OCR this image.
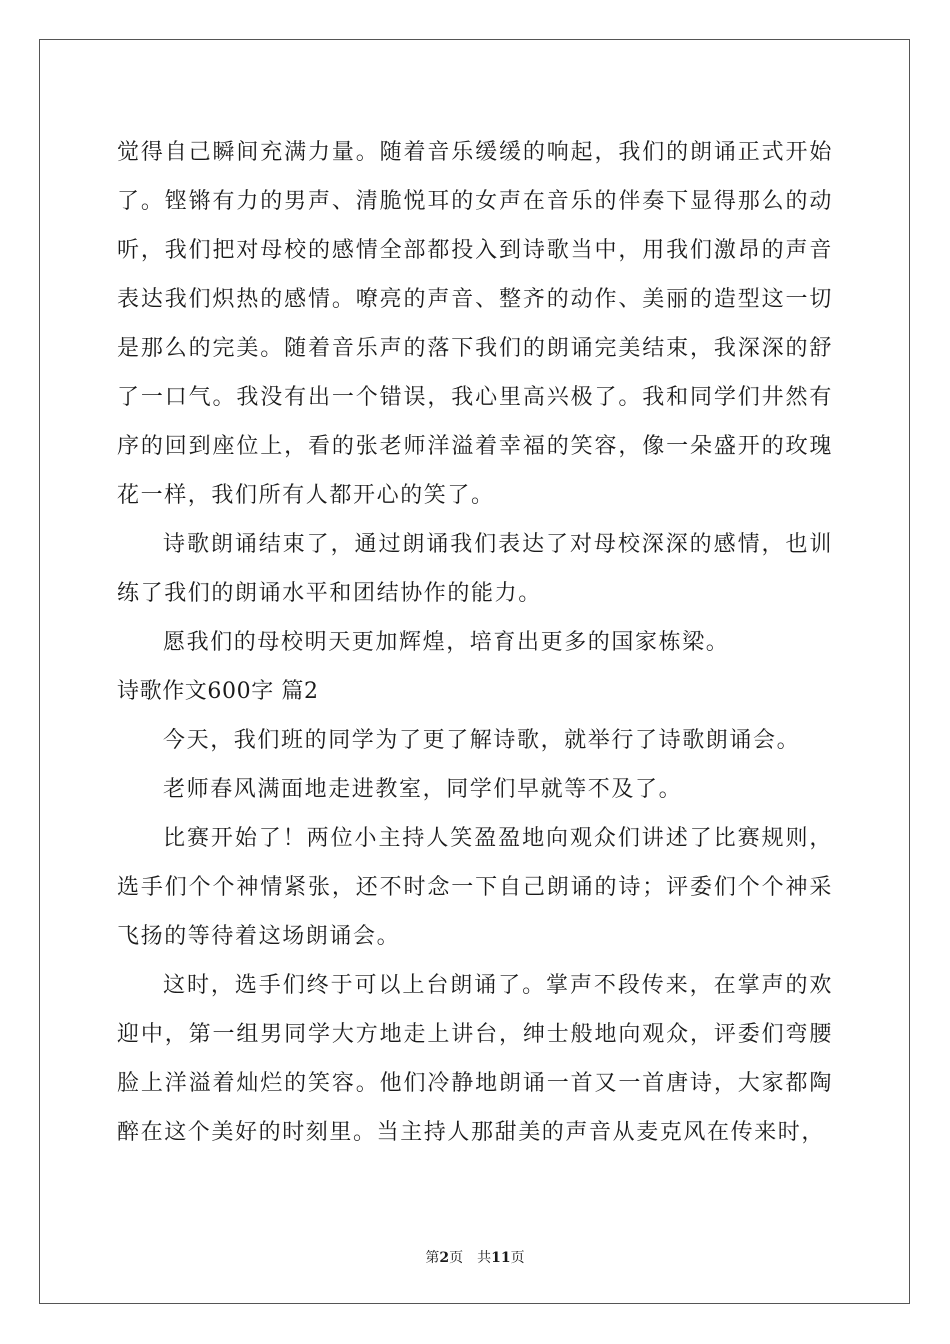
觉得自己瞬间充满力量。随着音乐缓缓的响起，我们的朗诵正式开始了。铿锵有力的男声、清脆悦耳的女声在音乐的伴奏下显得那么的动听，我们把对母校的感情全部都投入到诗歌当中，用我们激昂的声音表达我们炽热的感情。嘹亮的声音、整齐的动作、美丽的造型这一切是那么的完美。随着音乐声的落下我们的朗诵完美结束，我深深的舒了一口气。我没有出一个错误，我心里高兴极了。我和同学们井然有序的回到座位上，看的张老师洋溢着幸福的笑容，像一朵盛开的玫瑰花一样，我们所有人都开心的笑了。

诗歌朗诵结束了，通过朗诵我们表达了对母校深深的感情，也训练了我们的朗诵水平和团结协作的能力。

愿我们的母校明天更加辉煌，培育出更多的国家栋梁。

诗歌作文600字 篇2

今天，我们班的同学为了更了解诗歌，就举行了诗歌朗诵会。

老师春风满面地走进教室，同学们早就等不及了。

比赛开始了！两位小主持人笑盈盈地向观众们讲述了比赛规则，选手们个个神情紧张，还不时念一下自己朗诵的诗；评委们个个神采飞扬的等待着这场朗诵会。

这时，选手们终于可以上台朗诵了。掌声不段传来，在掌声的欢迎中，第一组男同学大方地走上讲台，绅士般地向观众，评委们弯腰脸上洋溢着灿烂的笑容。他们冷静地朗诵一首又一首唐诗，大家都陶醉在这个美好的时刻里。当主持人那甜美的声音从麦克风在传来时，

第2页 共11页
